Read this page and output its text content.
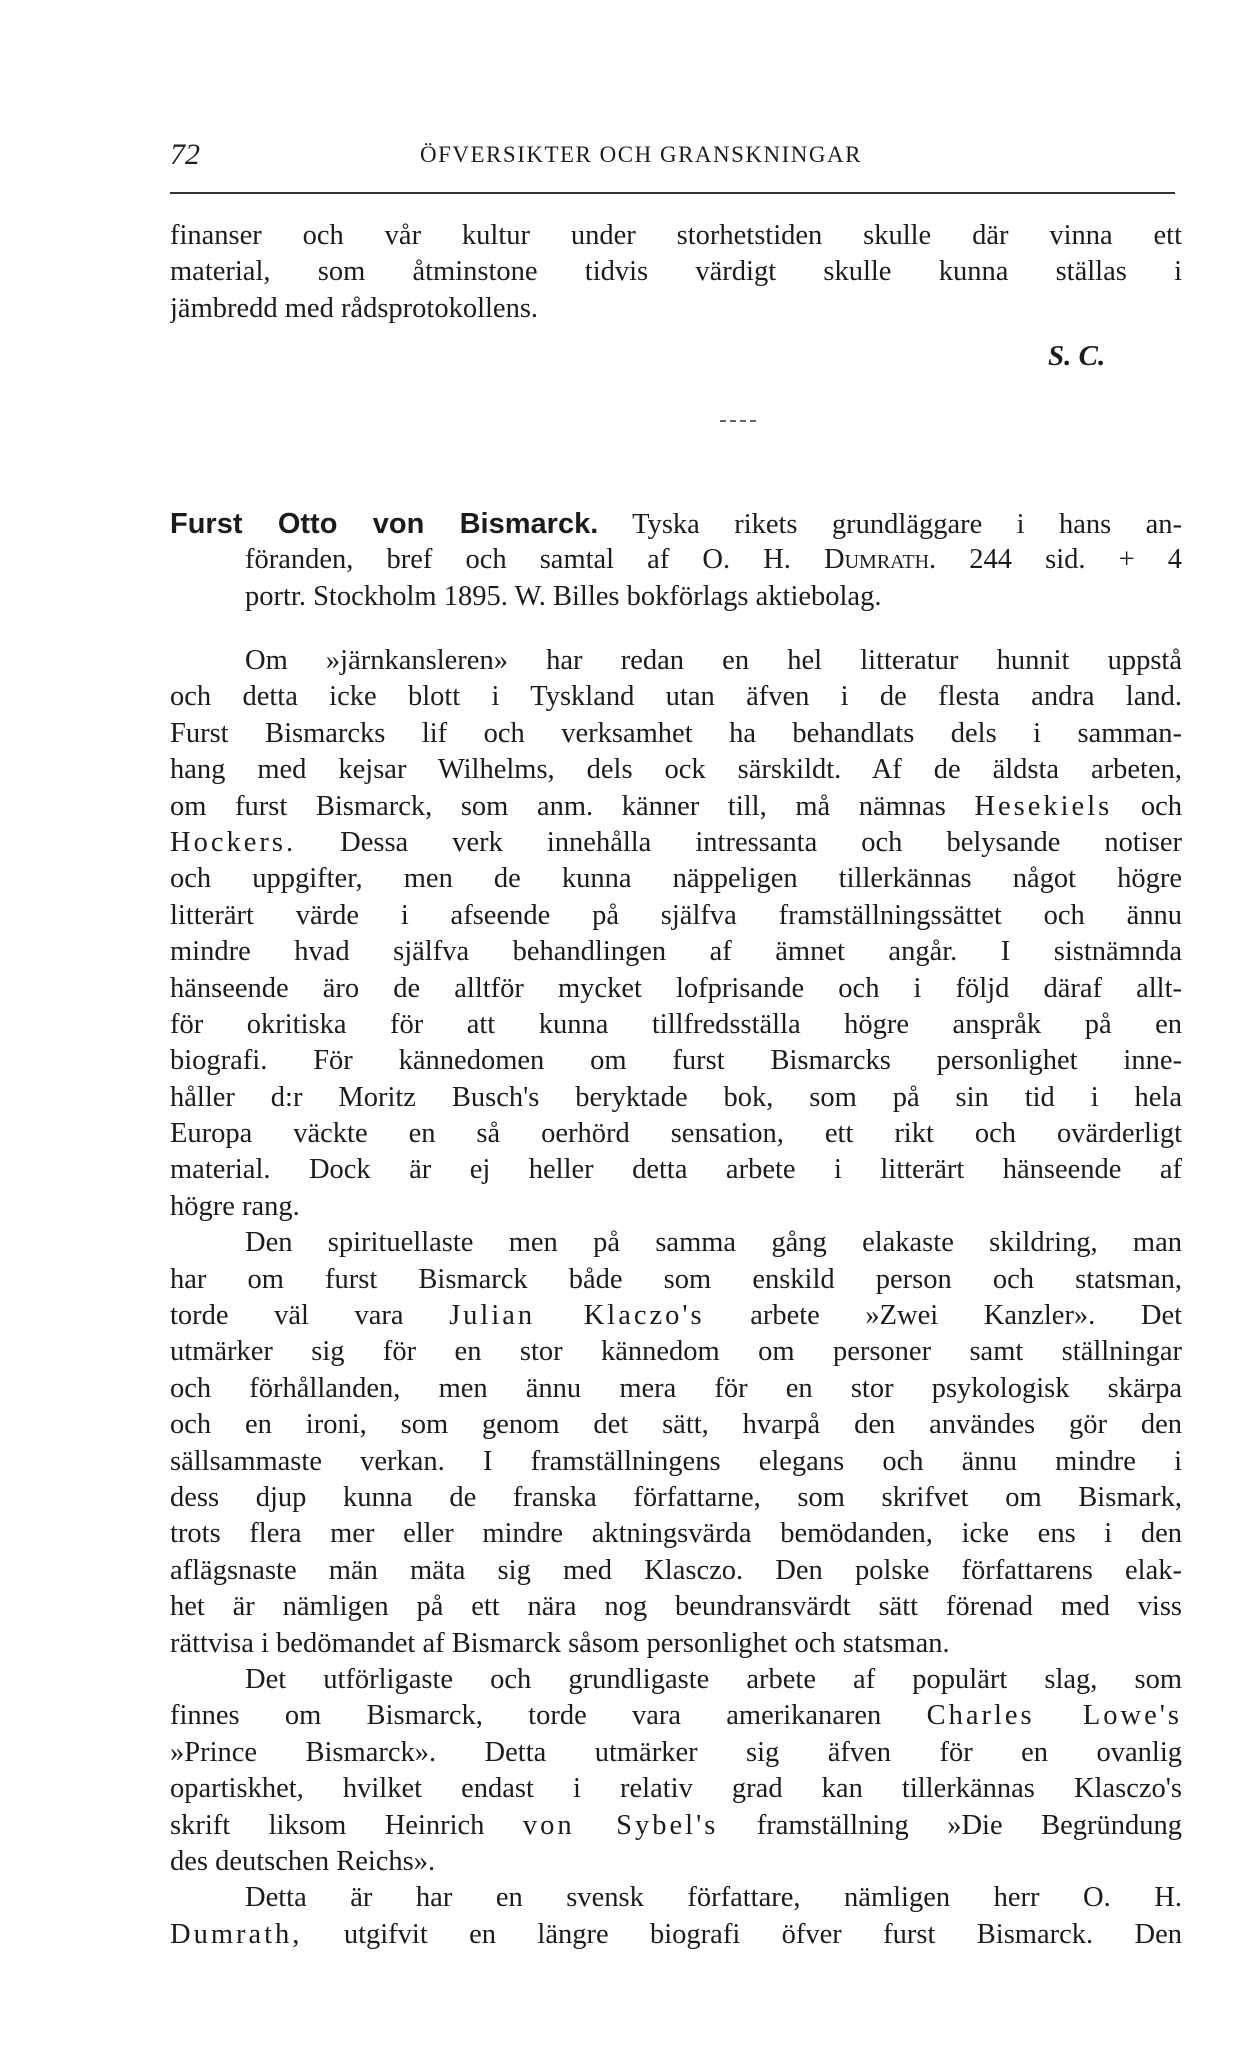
72	ÖFVERSIKTER OCH GRANSKNINGAR
finanser och vår kultur under storhetstiden skulle där vinna ett
material, som åtminstone tidvis värdigt skulle kunna ställas i
jämbredd med rådsprotokollens.
S. C.
Furst Otto von Bismarck. Tyska rikets grundläggare i hans an-
föranden, bref och samtal af O. H. Dumrath. 244 sid. + 4
portr. Stockholm 1895. W. Billes bokförlags aktiebolag.
Om »järnkansleren» har redan en hel litteratur hunnit uppstå
och detta icke blott i Tyskland utan äfven i de flesta andra land.
Furst Bismarcks lif och verksamhet ha behandlats dels i samman-
hang med kejsar Wilhelms, dels ock särskildt. Af de äldsta arbeten,
om furst Bismarck, som anm. känner till, må nämnas Hesekiels och
Hockers. Dessa verk innehålla intressanta och belysande notiser
och uppgifter, men de kunna näppeligen tillerkännas något högre
litterärt värde i afseende på själfva framställningssättet och ännu
mindre hvad själfva behandlingen af ämnet angår. I sistnämnda
hänseende äro de alltför mycket lofprisande och i följd däraf allt-
för okritiska för att kunna tillfredsställa högre anspråk på en
biografi. För kännedomen om furst Bismarcks personlighet inne-
håller d:r Moritz Busch's beryktade bok, som på sin tid i hela
Europa väckte en så oerhörd sensation, ett rikt och ovärderligt
material. Dock är ej heller detta arbete i litterärt hänseende af
högre rang.
Den spirituellaste men på samma gång elakaste skildring, man
har om furst Bismarck både som enskild person och statsman,
torde väl vara Julian Klaczo's arbete »Zwei Kanzler». Det
utmärker sig för en stor kännedom om personer samt ställningar
och förhållanden, men ännu mera för en stor psykologisk skärpa
och en ironi, som genom det sätt, hvarpå den användes gör den
sällsammaste verkan. I framställningens elegans och ännu mindre i
dess djup kunna de franska författarne, som skrifvet om Bismark,
trots flera mer eller mindre aktningsvärda bemödanden, icke ens i den
aflägsnaste män mäta sig med Klasczo. Den polske författarens elak-
het är nämligen på ett nära nog beundransvärdt sätt förenad med viss
rättvisa i bedömandet af Bismarck såsom personlighet och statsman.
Det utförligaste och grundligaste arbete af populärt slag, som
finnes om Bismarck, torde vara amerikanaren Charles Lowe's
»Prince Bismarck». Detta utmärker sig äfven för en ovanlig
opartiskhet, hvilket endast i relativ grad kan tillerkännas Klasczo's
skrift liksom Heinrich von Sybel's framställning »Die Begründung
des deutschen Reichs».
Detta är har en svensk författare, nämligen herr O. H.
Dumrath, utgifvit en längre biografi öfver furst Bismarck. Den
